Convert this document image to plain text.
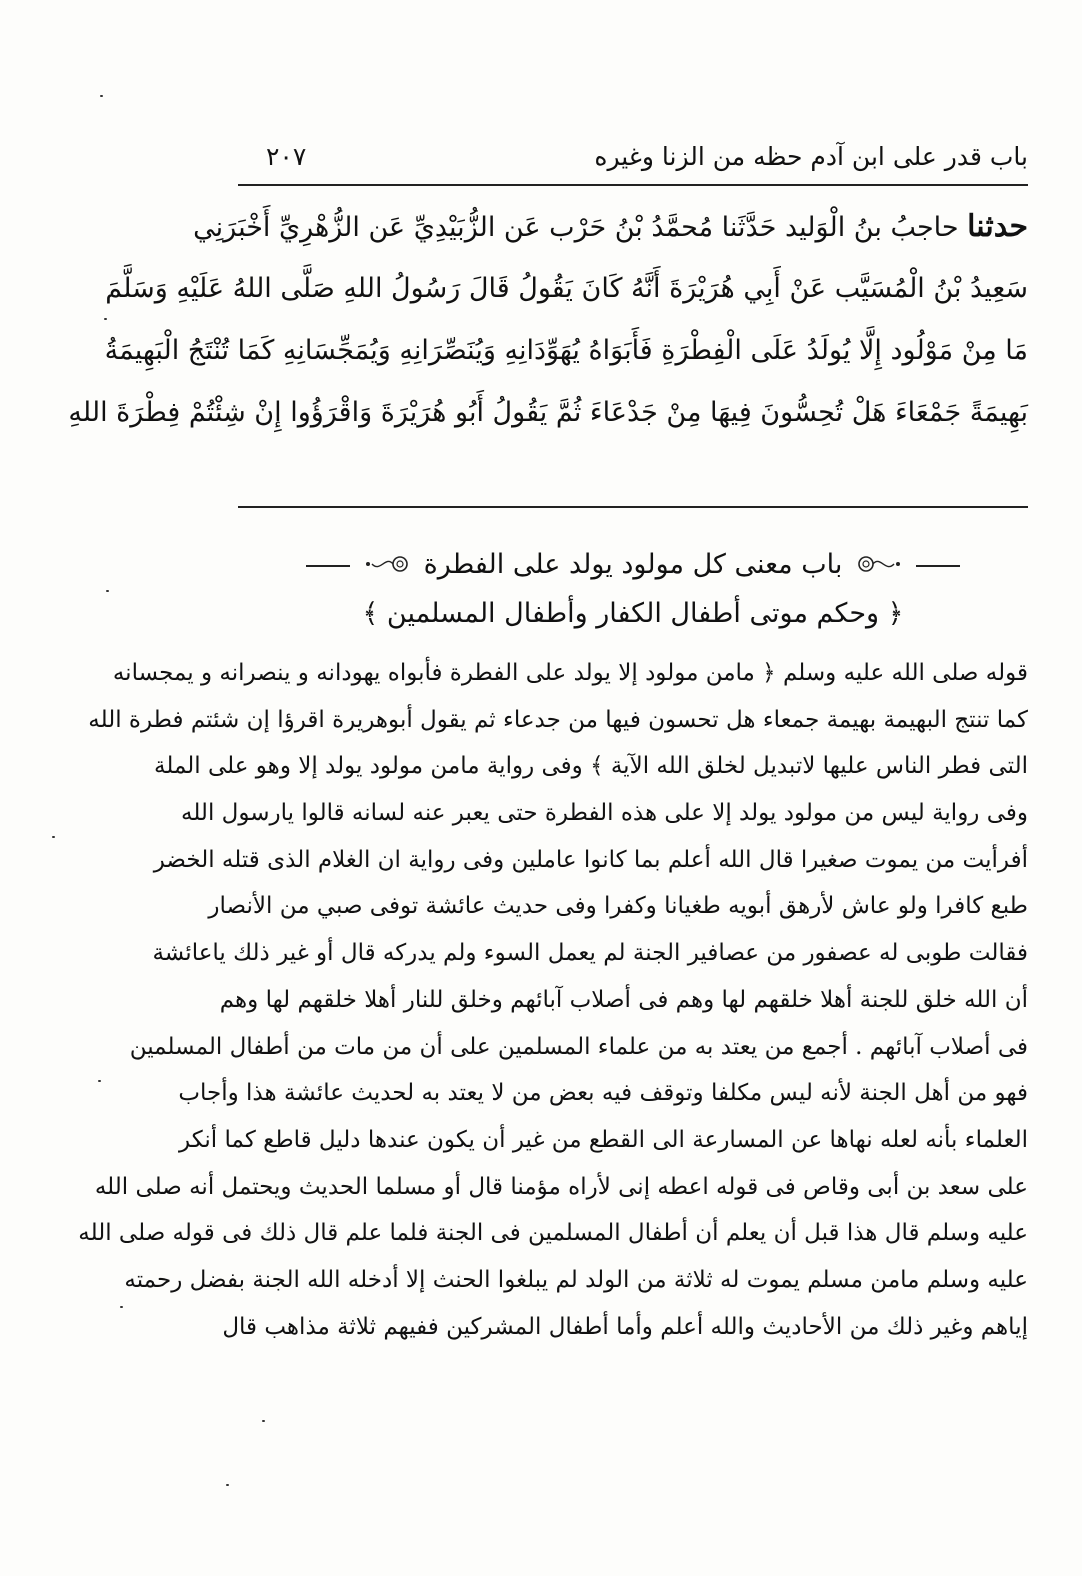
باب قدر على ابن آدم حظه من الزنا وغيره
٢٠٧
حدثنا حاجبُ بنُ الْوَليد حَدَّثَنا مُحمَّدُ بْنُ حَرْب عَن الزُّبَيْدِيِّ عَن الزُّهْرِيِّ أَخْبَرَنِي
سَعِيدُ بْنُ الْمُسَيَّب عَنْ أَبِي هُرَيْرَةَ أَنَّهُ كَانَ يَقُولُ قَالَ رَسُولُ اللهِ صَلَّى اللهُ عَلَيْهِ وَسَلَّمَ
مَا مِنْ مَوْلُود إِلَّا يُولَدُ عَلَى الْفِطْرَةِ فَأَبَوَاهُ يُهَوِّدَانِهِ وَيُنَصِّرَانِهِ وَيُمَجِّسَانِهِ كَمَا تُنْتَجُ الْبَهِيمَةُ
بَهِيمَةً جَمْعَاءَ هَلْ تُحِسُّونَ فِيهَا مِنْ جَدْعَاءَ ثُمَّ يَقُولُ أَبُو هُرَيْرَةَ وَاقْرَؤُوا إِنْ شِئْتُمْ فِطْرَةَ اللهِ
باب معنى كل مولود يولد على الفطرة
﴿ وحكم موتى أطفال الكفار وأطفال المسلمين ﴾
قوله صلى الله عليه وسلم ﴿ مامن مولود إلا يولد على الفطرة فأبواه يهودانه و ينصرانه و يمجسانه
كما تنتج البهيمة بهيمة جمعاء هل تحسون فيها من جدعاء ثم يقول أبوهريرة اقرؤا إن شئتم فطرة الله
التى فطر الناس عليها لاتبديل لخلق الله الآية ﴾ وفى رواية مامن مولود يولد إلا وهو على الملة
وفى رواية ليس من مولود يولد إلا على هذه الفطرة حتى يعبر عنه لسانه قالوا يارسول الله
أفرأيت من يموت صغيرا قال الله أعلم بما كانوا عاملين وفى رواية ان الغلام الذى قتله الخضر
طبع كافرا ولو عاش لأرهق أبويه طغيانا وكفرا وفى حديث عائشة توفى صبي من الأنصار
فقالت طوبى له عصفور من عصافير الجنة لم يعمل السوء ولم يدركه قال أو غير ذلك ياعائشة
أن الله خلق للجنة أهلا خلقهم لها وهم فى أصلاب آبائهم وخلق للنار أهلا خلقهم لها وهم
فى أصلاب آبائهم . أجمع من يعتد به من علماء المسلمين على أن من مات من أطفال المسلمين
فهو من أهل الجنة لأنه ليس مكلفا وتوقف فيه بعض من لا يعتد به لحديث عائشة هذا وأجاب
العلماء بأنه لعله نهاها عن المسارعة الى القطع من غير أن يكون عندها دليل قاطع كما أنكر
على سعد بن أبى وقاص فى قوله اعطه إنى لأراه مؤمنا قال أو مسلما الحديث ويحتمل أنه صلى الله
عليه وسلم قال هذا قبل أن يعلم أن أطفال المسلمين فى الجنة فلما علم قال ذلك فى قوله صلى الله
عليه وسلم مامن مسلم يموت له ثلاثة من الولد لم يبلغوا الحنث إلا أدخله الله الجنة بفضل رحمته
إياهم وغير ذلك من الأحاديث والله أعلم وأما أطفال المشركين ففيهم ثلاثة مذاهب قال
